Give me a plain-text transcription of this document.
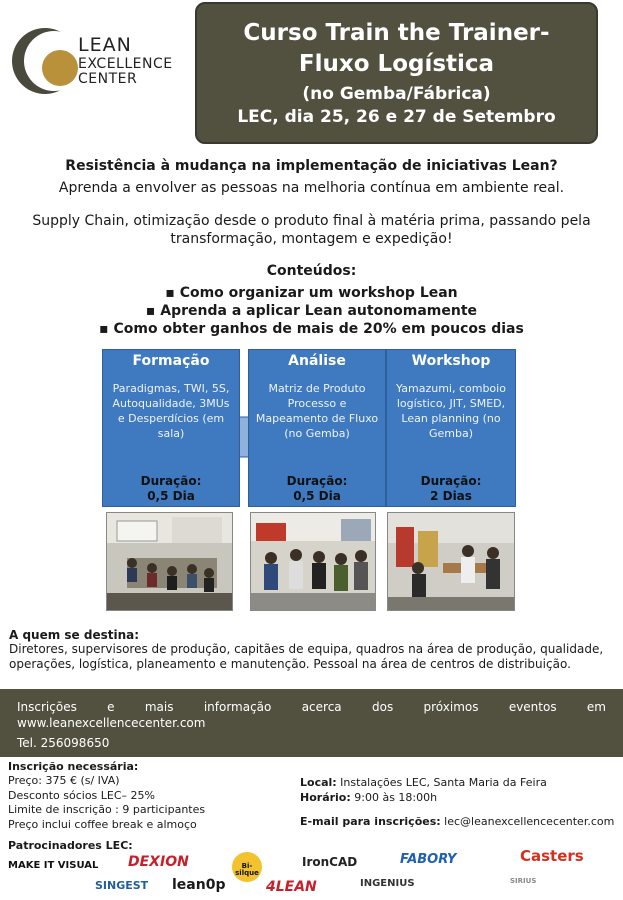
LEAN
EXCELLENCE
CENTER
Curso Train the Trainer-
Fluxo Logística
(no Gemba/Fábrica)
LEC, dia 25, 26 e 27 de Setembro
Resistência à mudança na implementação de iniciativas Lean?
Aprenda a envolver as pessoas na melhoria contínua em ambiente real.
Supply Chain, otimização desde o produto final à matéria prima, passando pela transformação, montagem e expedição!
Conteúdos:
▪ Como organizar um workshop Lean
▪ Aprenda a aplicar Lean autonomamente
▪ Como obter ganhos de mais de 20% em poucos dias
Formação
Paradigmas, TWI, 5S, Autoqualidade, 3MUs e Desperdícios (em sala)
Duração:
0,5 Dia
Análise
Matriz de Produto Processo e Mapeamento de Fluxo (no Gemba)
Duração:
0,5 Dia
Workshop
Yamazumi, comboio logístico, JIT, SMED, Lean planning (no Gemba)
Duração:
2 Dias
A quem se destina:
Diretores, supervisores de produção, capitães de equipa, quadros na área de produção, qualidade, operações, logística, planeamento e manutenção. Pessoal na área de centros de distribuição.
Inscrições	e	mais	informação	acerca	dos	próximos	eventos	em
www.leanexcellencecenter.com
Tel. 256098650
Inscrição necessária:
Preço: 375 € (s/ IVA)
Desconto sócios LEC– 25%
Limite de inscrição : 9 participantes
Preço inclui coffee break e almoço
Local: Instalações LEC, Santa Maria da Feira
Horário: 9:00 às 18:00h
E-mail para inscrições: lec@leanexcellencecenter.com
Patrocinadores LEC:
MAKE IT VISUAL DEXION	Bi-silque
IronCAD	FABORY	Casters
SINGEST lean0p	4LEAN	INGENIUS	SIRIUS
